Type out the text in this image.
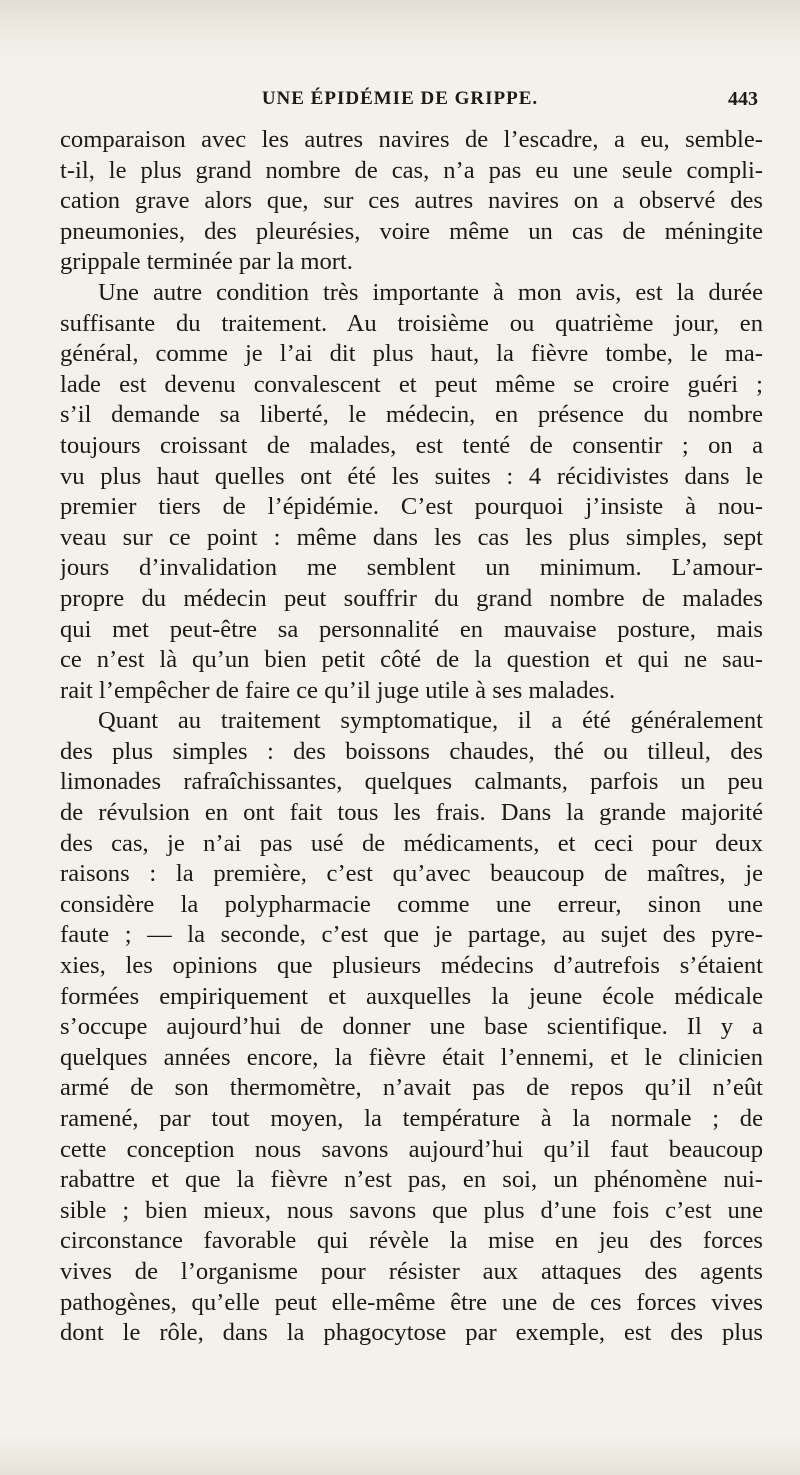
UNE ÉPIDÉMIE DE GRIPPE.	443
comparaison avec les autres navires de l’escadre, a eu, semble-
t-il, le plus grand nombre de cas, n’a pas eu une seule compli-
cation grave alors que, sur ces autres navires on a observé des
pneumonies, des pleurésies, voire même un cas de méningite
grippale terminée par la mort.
Une autre condition très importante à mon avis, est la durée
suffisante du traitement. Au troisième ou quatrième jour, en
général, comme je l’ai dit plus haut, la fièvre tombe, le ma-
lade est devenu convalescent et peut même se croire guéri ;
s’il demande sa liberté, le médecin, en présence du nombre
toujours croissant de malades, est tenté de consentir ; on a
vu plus haut quelles ont été les suites : 4 récidivistes dans le
premier tiers de l’épidémie. C’est pourquoi j’insiste à nou-
veau sur ce point : même dans les cas les plus simples, sept
jours d’invalidation me semblent un minimum. L’amour-
propre du médecin peut souffrir du grand nombre de malades
qui met peut-être sa personnalité en mauvaise posture, mais
ce n’est là qu’un bien petit côté de la question et qui ne sau-
rait l’empêcher de faire ce qu’il juge utile à ses malades.
Quant au traitement symptomatique, il a été généralement
des plus simples : des boissons chaudes, thé ou tilleul, des
limonades rafraîchissantes, quelques calmants, parfois un peu
de révulsion en ont fait tous les frais. Dans la grande majorité
des cas, je n’ai pas usé de médicaments, et ceci pour deux
raisons : la première, c’est qu’avec beaucoup de maîtres, je
considère la polypharmacie comme une erreur, sinon une
faute ; — la seconde, c’est que je partage, au sujet des pyre-
xies, les opinions que plusieurs médecins d’autrefois s’étaient
formées empiriquement et auxquelles la jeune école médicale
s’occupe aujourd’hui de donner une base scientifique. Il y a
quelques années encore, la fièvre était l’ennemi, et le clinicien
armé de son thermomètre, n’avait pas de repos qu’il n’eût
ramené, par tout moyen, la température à la normale ; de
cette conception nous savons aujourd’hui qu’il faut beaucoup
rabattre et que la fièvre n’est pas, en soi, un phénomène nui-
sible ; bien mieux, nous savons que plus d’une fois c’est une
circonstance favorable qui révèle la mise en jeu des forces
vives de l’organisme pour résister aux attaques des agents
pathogènes, qu’elle peut elle-même être une de ces forces vives
dont le rôle, dans la phagocytose par exemple, est des plus
